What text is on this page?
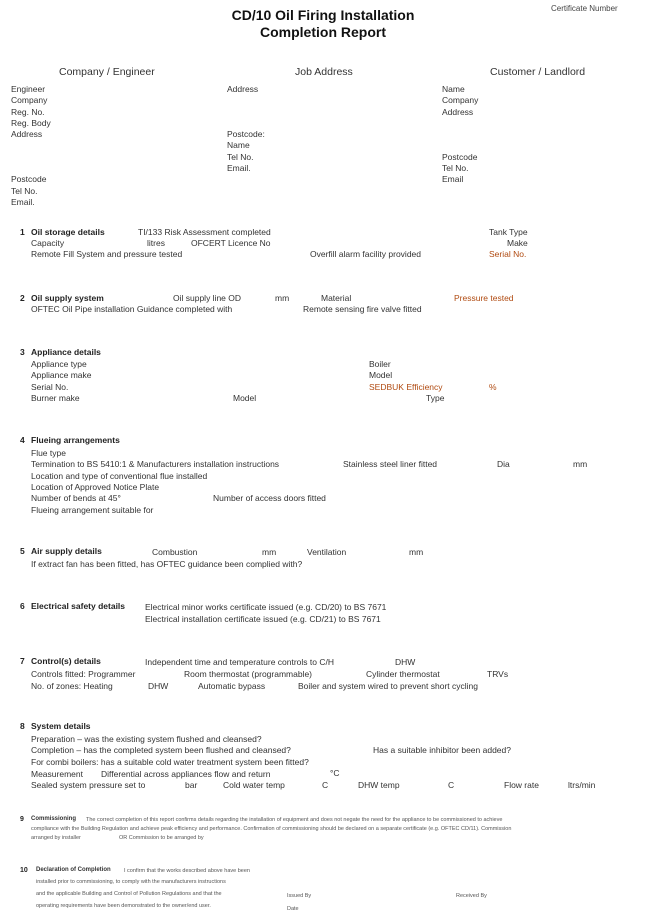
CD/10 Oil Firing Installation
Completion Report
Certificate Number
Company / Engineer	Job Address	Customer / Landlord
Engineer
Company
Reg. No.
Reg. Body
Address
Postcode
Tel No.
Email.
Address
Postcode:
Name
Tel No.
Email.
Name
Company
Address
Postcode
Tel No.
Email
1 Oil storage details	TI/133 Risk Assessment completed	Tank Type
Capacity	litres	OFCERT Licence No	Make
Remote Fill System and pressure tested	Overfill alarm facility provided	Serial No.
2 Oil supply system	Oil supply line OD	mm	Material	Pressure tested
OFTEC Oil Pipe installation Guidance completed with	Remote sensing fire valve fitted
3 Appliance details
Appliance type	Boiler
Appliance make	Model
Serial No.	SEDBUK Efficiency	%
Burner make	Model	Type
4 Flueing arrangements
Flue type
Termination to BS 5410:1 & Manufacturers installation instructions	Stainless steel liner fitted	Dia	mm
Location and type of conventional flue installed
Location of Approved Notice Plate
Number of bends at 45°	Number of access doors fitted
Flueing arrangement suitable for
5 Air supply details	Combustion	mm	Ventilation	mm
If extract fan has been fitted, has OFTEC guidance been complied with?
6 Electrical safety details Electrical minor works certificate issued (e.g. CD/20) to BS 7671
Electrical installation certificate issued (e.g. CD/21) to BS 7671
7 Control(s) details	Independent time and temperature controls to C/H	DHW
Controls fitted: Programmer	Room thermostat (programmable)	Cylinder thermostat	TRVs
No. of zones: Heating	DHW	Automatic bypass	Boiler and system wired to prevent short cycling
8 System details
Preparation – was the existing system flushed and cleansed?
Completion – has the completed system been flushed and cleansed?	Has a suitable inhibitor been added?
For combi boilers: has a suitable cold water treatment system been fitted?
Measurement Differential across appliances flow and return	°C
Sealed system pressure set to	bar	Cold water temp	C	DHW temp	C	Flow rate	ltrs/min
9 Commissioning The correct completion of this report confirms details regarding the installation of equipment and does not negate the need for the appliance to be commissioned to achieve
compliance with the Building Regulation and achieve peak efficiency and performance. Confirmation of commissioning should be declared on a separate certificate (e.g. OFTEC CD/11). Commission
arranged by installer	OR Commission to be arranged by
10 Declaration of Completion I confirm that the works described above have been
installed prior to commissioning, to comply with the manufacturers instructions
and the applicable Building and Control of Pollution Regulations and that the
operating requirements have been demonstrated to the owner/end user.
Issued By	Received By
Date
